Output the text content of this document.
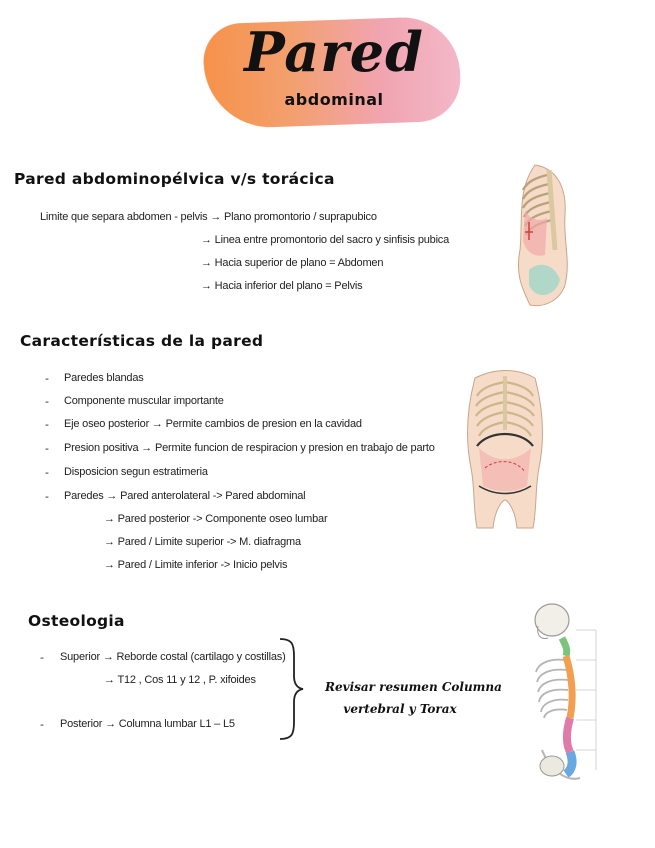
Pared
abdominal
Pared abdominopélvica v/s torácica
Limite que separa abdomen - pelvis → Plano promontorio / suprapubico
→ Linea entre promontorio del sacro y sinfisis pubica
→ Hacia superior de plano = Abdomen
→ Hacia inferior del plano = Pelvis
Características de la pared
- Paredes blandas
- Componente muscular importante
- Eje oseo posterior → Permite cambios de presion en la cavidad
- Presion positiva → Permite funcion de respiracion y presion en trabajo de parto
- Disposicion segun estratimeria
- Paredes → Pared anterolateral -> Pared abdominal
→ Pared posterior -> Componente oseo lumbar
→ Pared / Limite superior -> M. diafragma
→ Pared / Limite inferior -> Inicio pelvis
Osteologia
- Superior → Reborde costal (cartilago y costillas)
→ T12 , Cos 11 y 12 , P. xifoides
- Posterior → Columna lumbar L1 – L5
Revisar resumen Columna
vertebral y Torax
